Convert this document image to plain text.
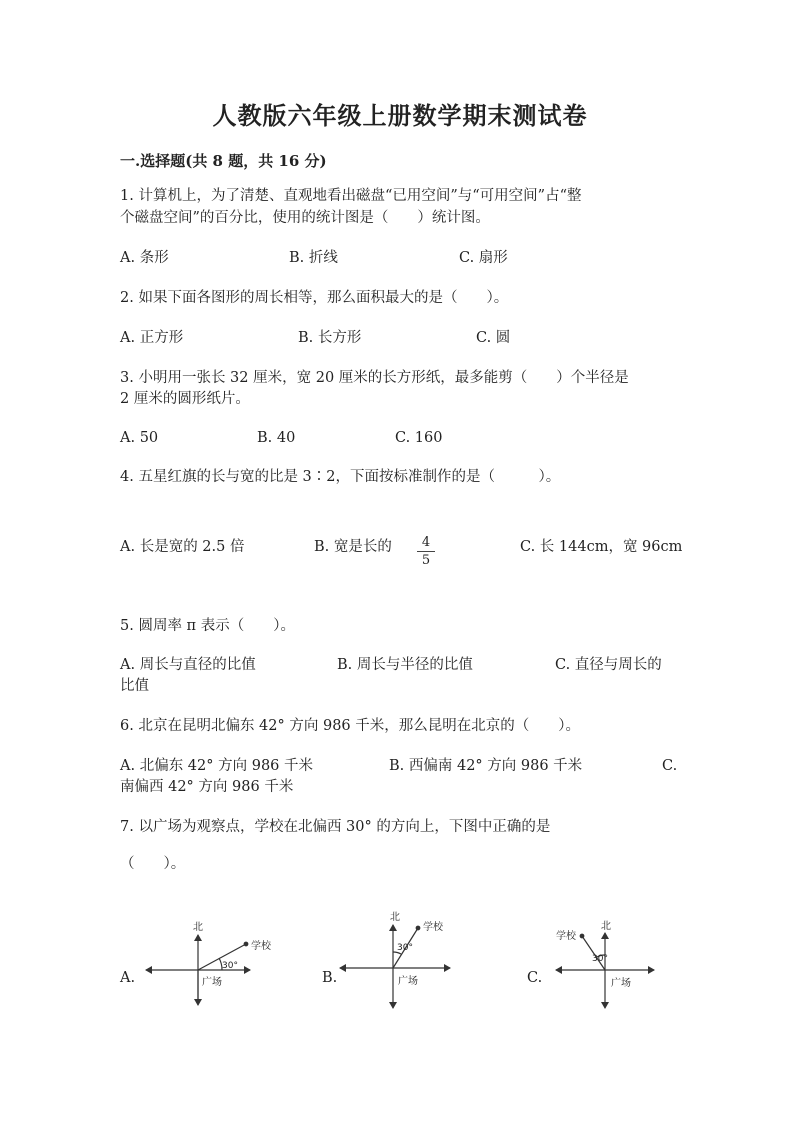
人教版六年级上册数学期末测试卷
一.选择题(共 8 题，共 16 分)
1. 计算机上，为了清楚、直观地看出磁盘“已用空间”与“可用空间”占“整
个磁盘空间”的百分比，使用的统计图是（　　）统计图。
A. 条形	B. 折线	C. 扇形
2. 如果下面各图形的周长相等，那么面积最大的是（　　）。
A. 正方形	B. 长方形	C. 圆
3. 小明用一张长 32 厘米，宽 20 厘米的长方形纸，最多能剪（　　）个半径是
2 厘米的圆形纸片。
A. 50	B. 40	C. 160
4. 五星红旗的长与宽的比是 3∶2，下面按标准制作的是（　　　）。
A. 长是宽的 2.5 倍	B. 宽是长的	4
5
C. 长 144cm，宽 96cm
5. 圆周率 π 表示（　　）。
A. 周长与直径的比值	B. 周长与半径的比值	C. 直径与周长的
比值
6. 北京在昆明北偏东 42° 方向 986 千米，那么昆明在北京的（　　）。
A. 北偏东 42° 方向 986 千米	B. 西偏南 42° 方向 986 千米	C.
南偏西 42° 方向 986 千米
7. 以广场为观察点，学校在北偏西 30° 的方向上，下图中正确的是
（　　）。
A.	B.	C.
北
学校
30°
广场
北
学校
30°
广场
北
学校
30°
广场
